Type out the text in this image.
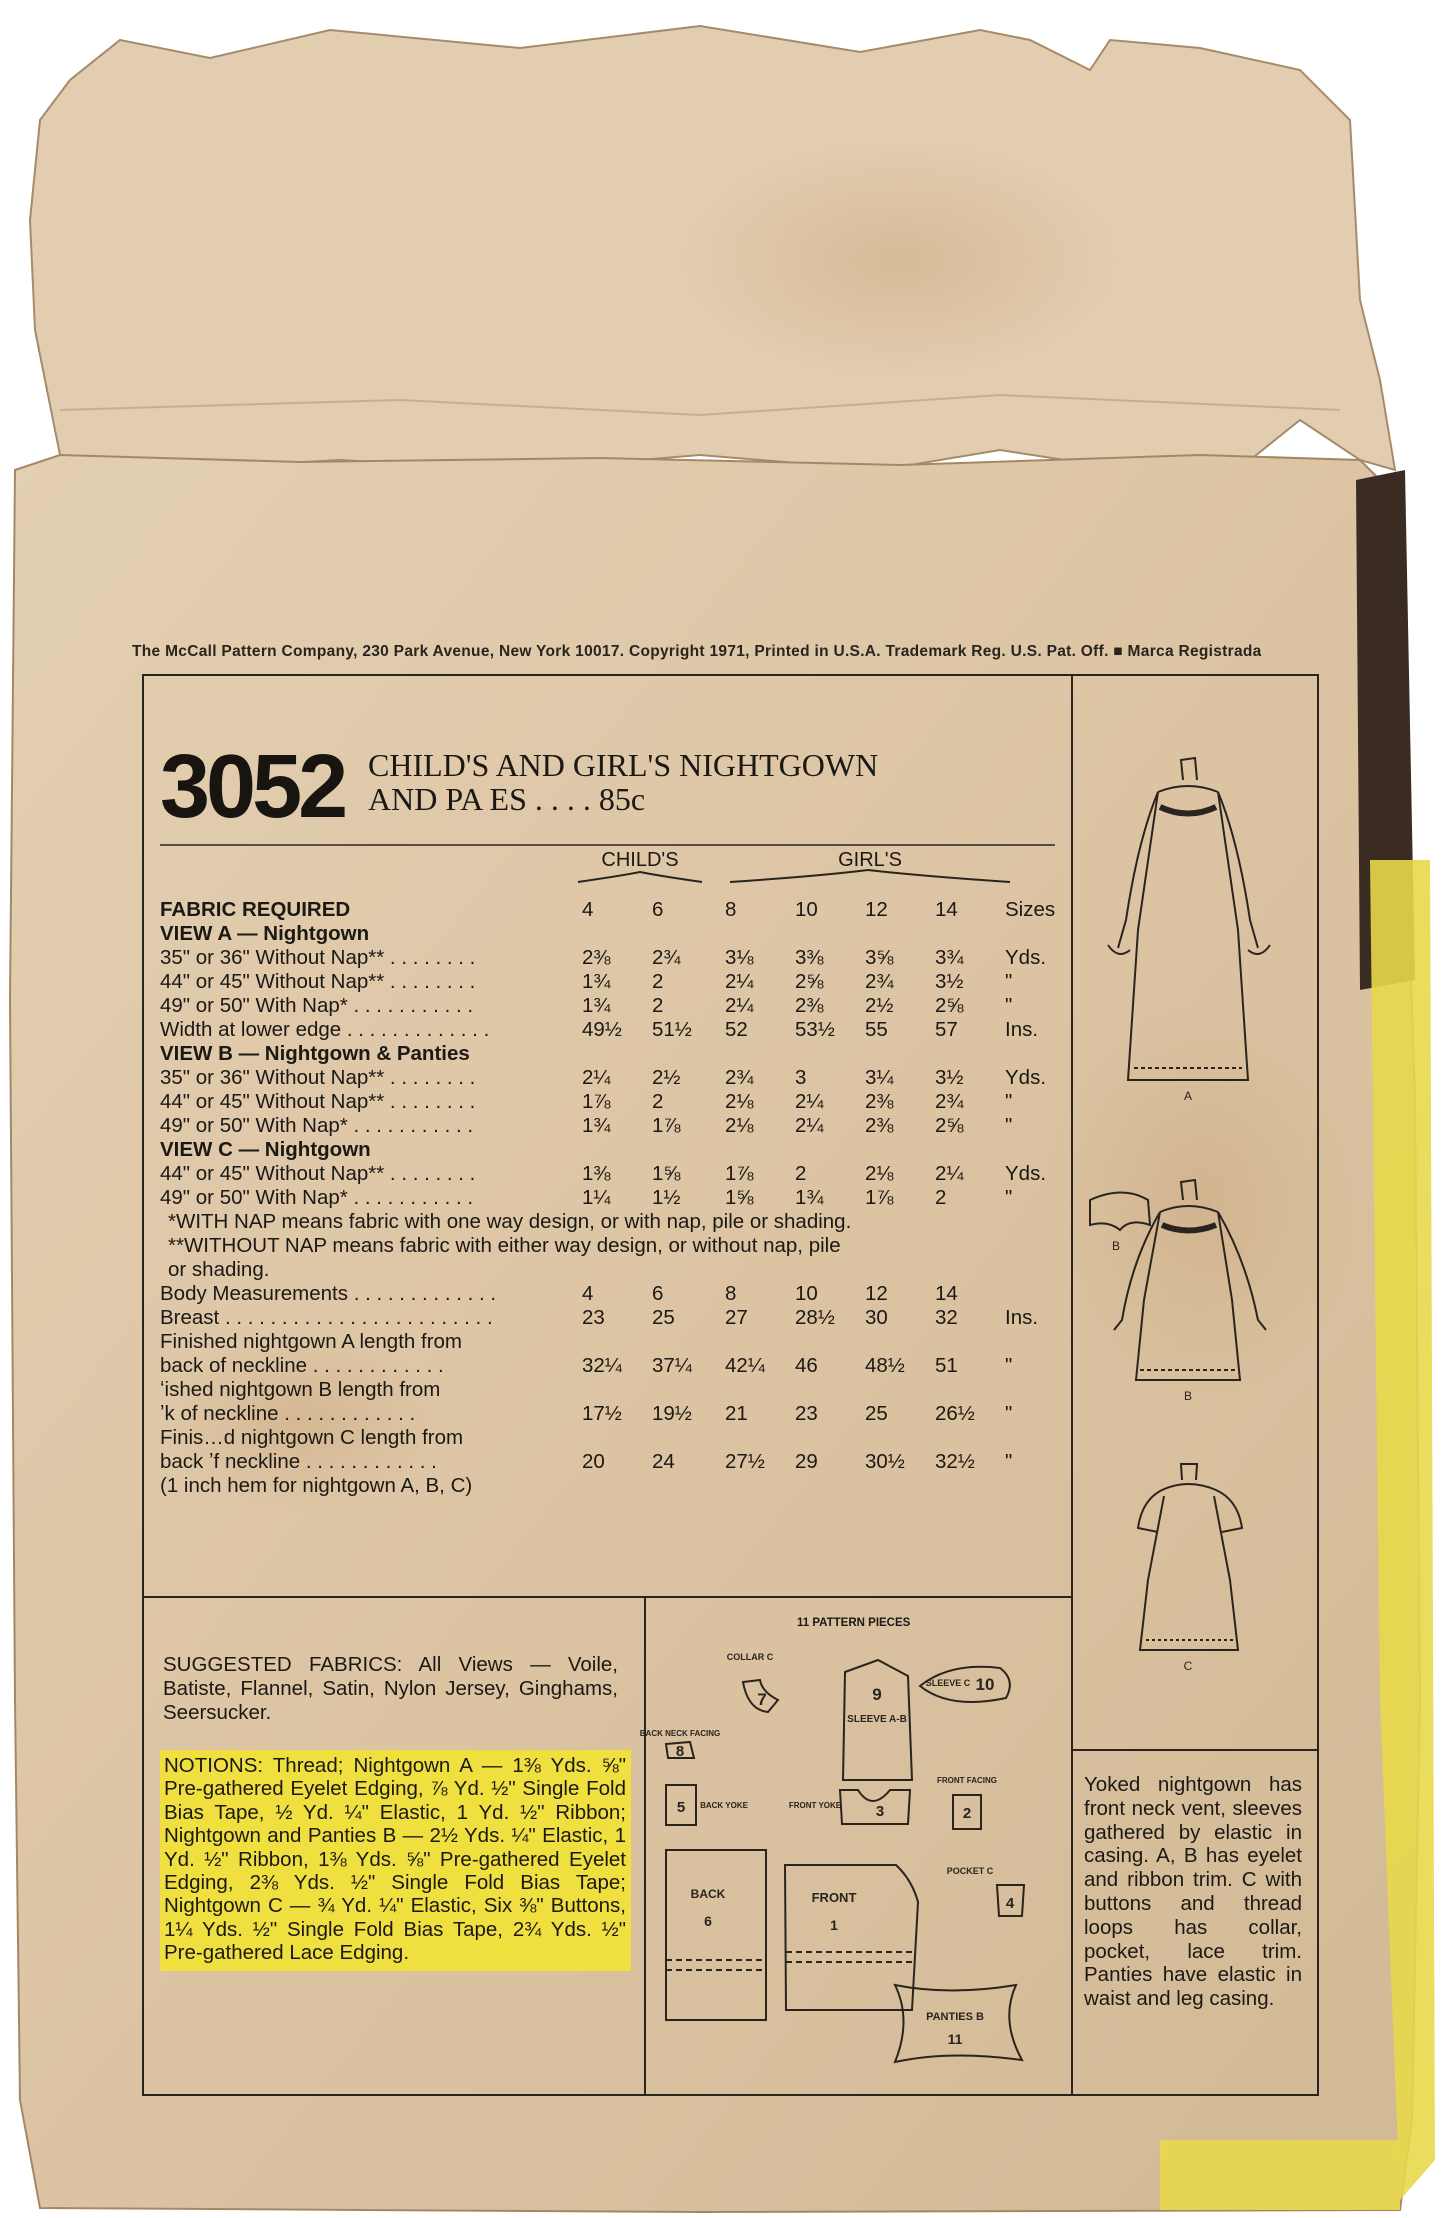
The McCall Pattern Company, 230 Park Avenue, New York 10017. Copyright 1971, Printed in U.S.A. Trademark Reg. U.S. Pat. Off. ■ Marca Registrada
3052 CHILD'S AND GIRL'S NIGHTGOWN
AND PA ES . . . . 85c
CHILD'S	GIRL'S
FABRIC REQUIRED	4	6	8	10	12	14	Sizes
VIEW A — Nightgown							
35" or 36" Without Nap** . . . . . . . .	2⅜	2¾	3⅛	3⅜	3⅝	3¾	Yds.
44" or 45" Without Nap** . . . . . . . .	1¾	2	2¼	2⅝	2¾	3½	"
49" or 50" With Nap* . . . . . . . . . . .	1¾	2	2¼	2⅜	2½	2⅝	"
Width at lower edge . . . . . . . . . . . . .	49½	51½	52	53½	55	57	Ins.
VIEW B — Nightgown & Panties							
35" or 36" Without Nap** . . . . . . . .	2¼	2½	2¾	3	3¼	3½	Yds.
44" or 45" Without Nap** . . . . . . . .	1⅞	2	2⅛	2¼	2⅜	2¾	"
49" or 50" With Nap* . . . . . . . . . . .	1¾	1⅞	2⅛	2¼	2⅜	2⅝	"
VIEW C — Nightgown							
44" or 45" Without Nap** . . . . . . . .	1⅜	1⅝	1⅞	2	2⅛	2¼	Yds.
49" or 50" With Nap* . . . . . . . . . . .	1¼	1½	1⅝	1¾	1⅞	2	"
*WITH NAP means fabric with one way design, or with nap, pile or shading.							
**WITHOUT NAP means fabric with either way design, or without nap, pile							
or shading.							
Body Measurements . . . . . . . . . . . . .	4	6	8	10	12	14	
Breast . . . . . . . . . . . . . . . . . . . . . . . .	23	25	27	28½	30	32	Ins.
Finished nightgown A length from							
back of neckline . . . . . . . . . . . .	32¼	37¼	42¼	46	48½	51	"
ʻished nightgown B length from							
ʼk of neckline . . . . . . . . . . . .	17½	19½	21	23	25	26½	"
Finis…d nightgown C length from							
back ʼf neckline . . . . . . . . . . . .	20	24	27½	29	30½	32½	"
(1 inch hem for nightgown A, B, C)							
SUGGESTED FABRICS: All Views — Voile, Batiste, Flannel, Satin, Nylon Jersey, Ginghams, Seersucker.
NOTIONS: Thread; Nightgown A — 1⅜ Yds. ⅝" Pre-gathered Eyelet Edging, ⅞ Yd. ½" Single Fold Bias Tape, ½ Yd. ¼" Elastic, 1 Yd. ½" Ribbon; Nightgown and Panties B — 2½ Yds. ¼" Elastic, 1 Yd. ½" Ribbon, 1⅜ Yds. ⅝" Pre-gathered Eyelet Edging, 2⅜ Yds. ½" Single Fold Bias Tape; Nightgown C — ¾ Yd. ¼" Elastic, Six ⅜" Buttons, 1¼ Yds. ½" Single Fold Bias Tape, 2¾ Yds. ½" Pre-gathered Lace Edging.
11 PATTERN PIECES
COLLAR C
7	9
SLEEVE A-B
SLEEVE C 10
BACK NECK FACING
8
5 BACK YOKE	FRONT YOKE 3
FRONT FACING
2
POCKET C
4
BACK
6
FRONT
1
PANTIES B
11
A
B
B
C
Yoked nightgown has front neck vent, sleeves gathered by elastic in casing. A, B has eyelet and ribbon trim. C with buttons and thread loops has collar, pocket, lace trim. Panties have elastic in waist and leg casing.
